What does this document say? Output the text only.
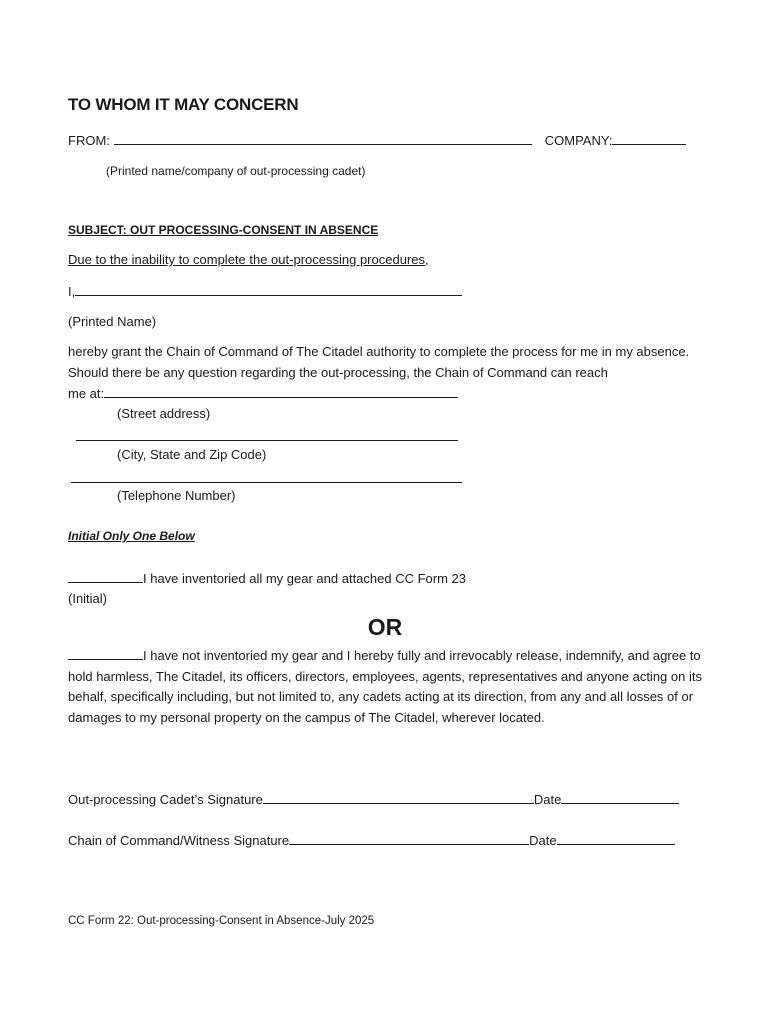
TO WHOM IT MAY CONCERN
FROM:	COMPANY:
(Printed name/company of out-processing cadet)
SUBJECT: OUT PROCESSING-CONSENT IN ABSENCE
Due to the inability to complete the out-processing procedures,
I,
(Printed Name)
hereby grant the Chain of Command of The Citadel authority to complete the process for me in my absence. Should there be any question regarding the out-processing, the Chain of Command can reach
me at:
(Street address)
(City, State and Zip Code)
(Telephone Number)
Initial Only One Below
I have inventoried all my gear and attached CC Form 23
(Initial)
OR
I have not inventoried my gear and I hereby fully and irrevocably release, indemnify, and agree to hold harmless, The Citadel, its officers, directors, employees, agents, representatives and anyone acting on its behalf, specifically including, but not limited to, any cadets acting at its direction, from any and all losses of or damages to my personal property on the campus of The Citadel, wherever located.
Out-processing Cadet’s Signature	Date
Chain of Command/Witness Signature	Date
CC Form 22: Out-processing-Consent in Absence-July 2025
